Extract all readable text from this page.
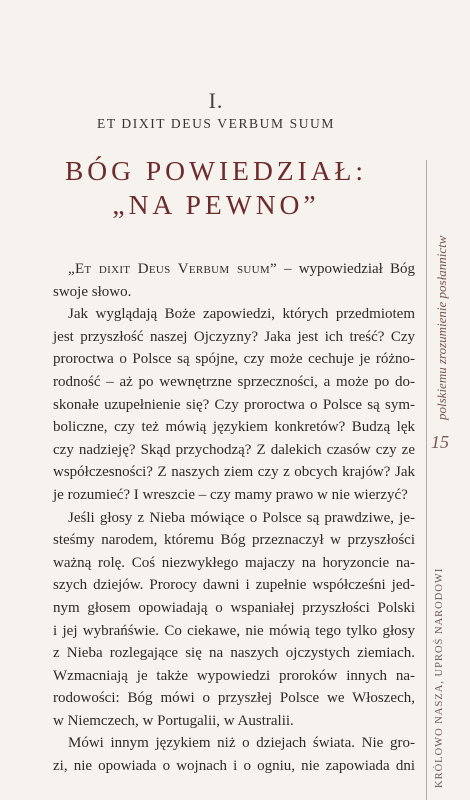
I.
ET DIXIT DEUS VERBUM SUUM
BÓG POWIEDZIAŁ:
„NA PEWNO”

„Et dixit Deus Verbum suum” – wypowiedział Bóg
swoje słowo.

Jak wyglądają Boże zapowiedzi, których przedmiotem
jest przyszłość naszej Ojczyzny? Jaka jest ich treść? Czy
proroctwa o Polsce są spójne, czy może cechuje je różno-
rodność – aż po wewnętrzne sprzeczności, a może po do-
skonałe uzupełnienie się? Czy proroctwa o Polsce są sym-
boliczne, czy też mówią językiem konkretów? Budzą lęk
czy nadzieję? Skąd przychodzą? Z dalekich czasów czy ze
współczesności? Z naszych ziem czy z obcych krajów? Jak
je rozumieć? I wreszcie – czy mamy prawo w nie wierzyć?

Jeśli głosy z Nieba mówiące o Polsce są prawdziwe, je-
steśmy narodem, któremu Bóg przeznaczył w przyszłości
ważną rolę. Coś niezwykłego majaczy na horyzoncie na-
szych dziejów. Prorocy dawni i zupełnie współcześni jed-
nym głosem opowiadają o wspaniałej przyszłości Polski
i jej wybrańświe. Co ciekawe, nie mówią tego tylko głosy
z Nieba rozlegające się na naszych ojczystych ziemiach.
Wzmacniają je także wypowiedzi proroków innych na-
rodowości: Bóg mówi o przyszłej Polsce we Włoszech,
w Niemczech, w Portugalii, w Australii.

Mówi innym językiem niż o dziejach świata. Nie gro-
zi, nie opowiada o wojnach i o ogniu, nie zapowiada dni

polskiemu zrozumienie posłannictw
15
KRÓLOWO NASZA, UPROŚ NARODOWI
